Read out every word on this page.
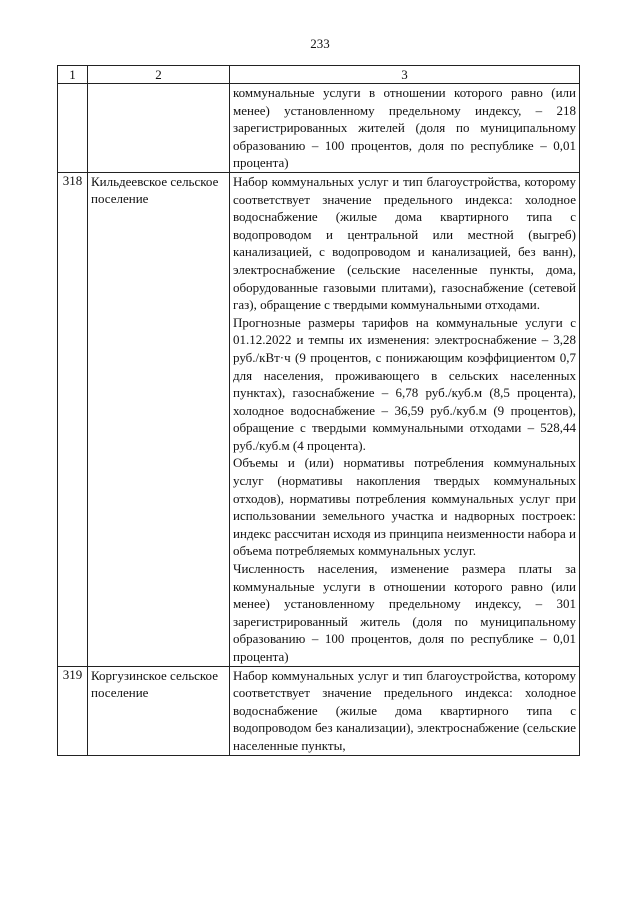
233
1	2	3

		коммунальные услуги в отношении которого равно (или менее) установленному предельному индексу, – 218 зарегистрированных жителей (доля по муниципальному образованию – 100 процентов, доля по республике – 0,01 процента)

318	Кильдеевское сельское поселение	Набор коммунальных услуг и тип благоустройства, которому соответствует значение предельного индекса: холодное водоснабжение (жилые дома квартирного типа с водопроводом и центральной или местной (выгреб) канализацией, с водопроводом и канализацией, без ванн), электроснабжение (сельские населенные пункты, дома, оборудованные газовыми плитами), газоснабжение (сетевой газ), обращение с твердыми коммунальными отходами.

Прогнозные размеры тарифов на коммунальные услуги с 01.12.2022 и темпы их изменения: электроснабжение – 3,28 руб./кВт·ч (9 процентов, с понижающим коэффициентом 0,7 для населения, проживающего в сельских населенных пунктах), газоснабжение – 6,78 руб./куб.м (8,5 процента), холодное водоснабжение – 36,59 руб./куб.м (9 процентов), обращение с твердыми коммунальными отходами – 528,44 руб./куб.м (4 процента).

Объемы и (или) нормативы потребления коммунальных услуг (нормативы накопления твердых коммунальных отходов), нормативы потребления коммунальных услуг при использовании земельного участка и надворных построек: индекс рассчитан исходя из принципа неизменности набора и объема потребляемых коммунальных услуг.

Численность населения, изменение размера платы за коммунальные услуги в отношении которого равно (или менее) установленному предельному индексу, – 301 зарегистрированный житель (доля по муниципальному образованию – 100 процентов, доля по республике – 0,01 процента)

319	Коргузинское сельское поселение	Набор коммунальных услуг и тип благоустройства, которому соответствует значение предельного индекса: холодное водоснабжение (жилые дома квартирного типа с водопроводом без канализации), электроснабжение (сельские населенные пункты,
